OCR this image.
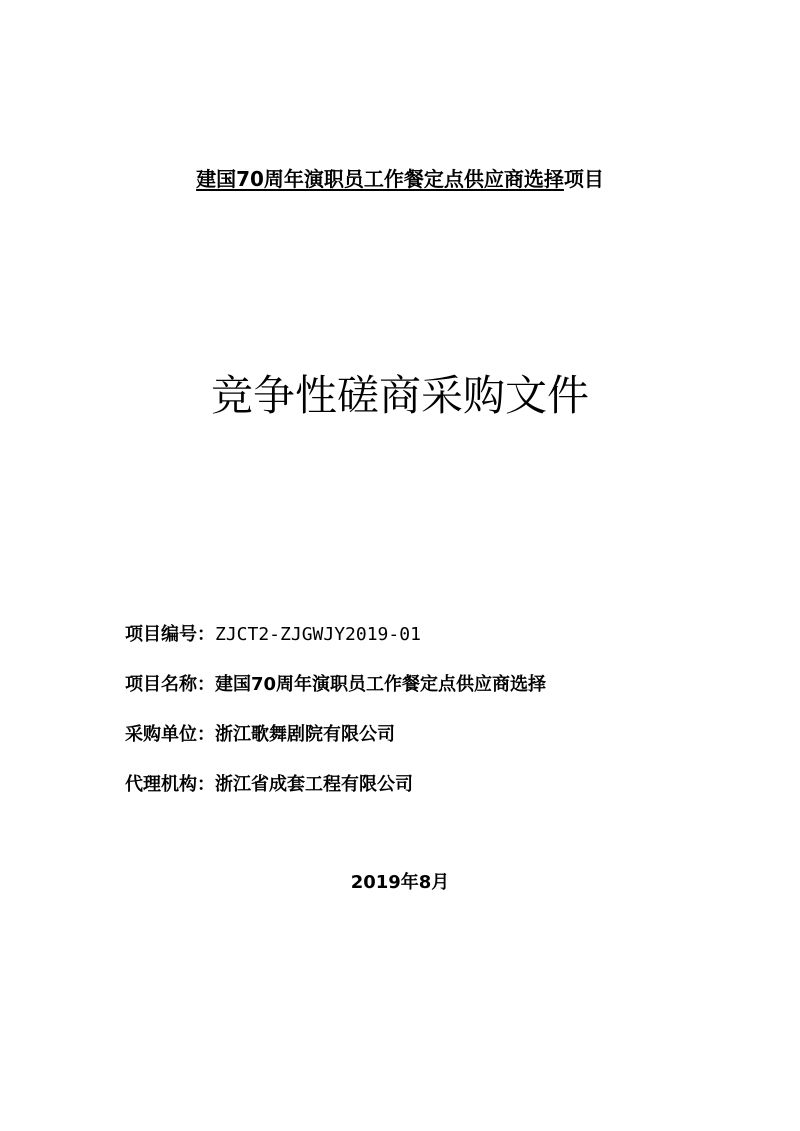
建国70周年演职员工作餐定点供应商选择项目
竞争性磋商采购文件
项目编号：ZJCT2-ZJGWJY2019-01
项目名称：建国70周年演职员工作餐定点供应商选择
采购单位：浙江歌舞剧院有限公司
代理机构：浙江省成套工程有限公司
2019年8月
